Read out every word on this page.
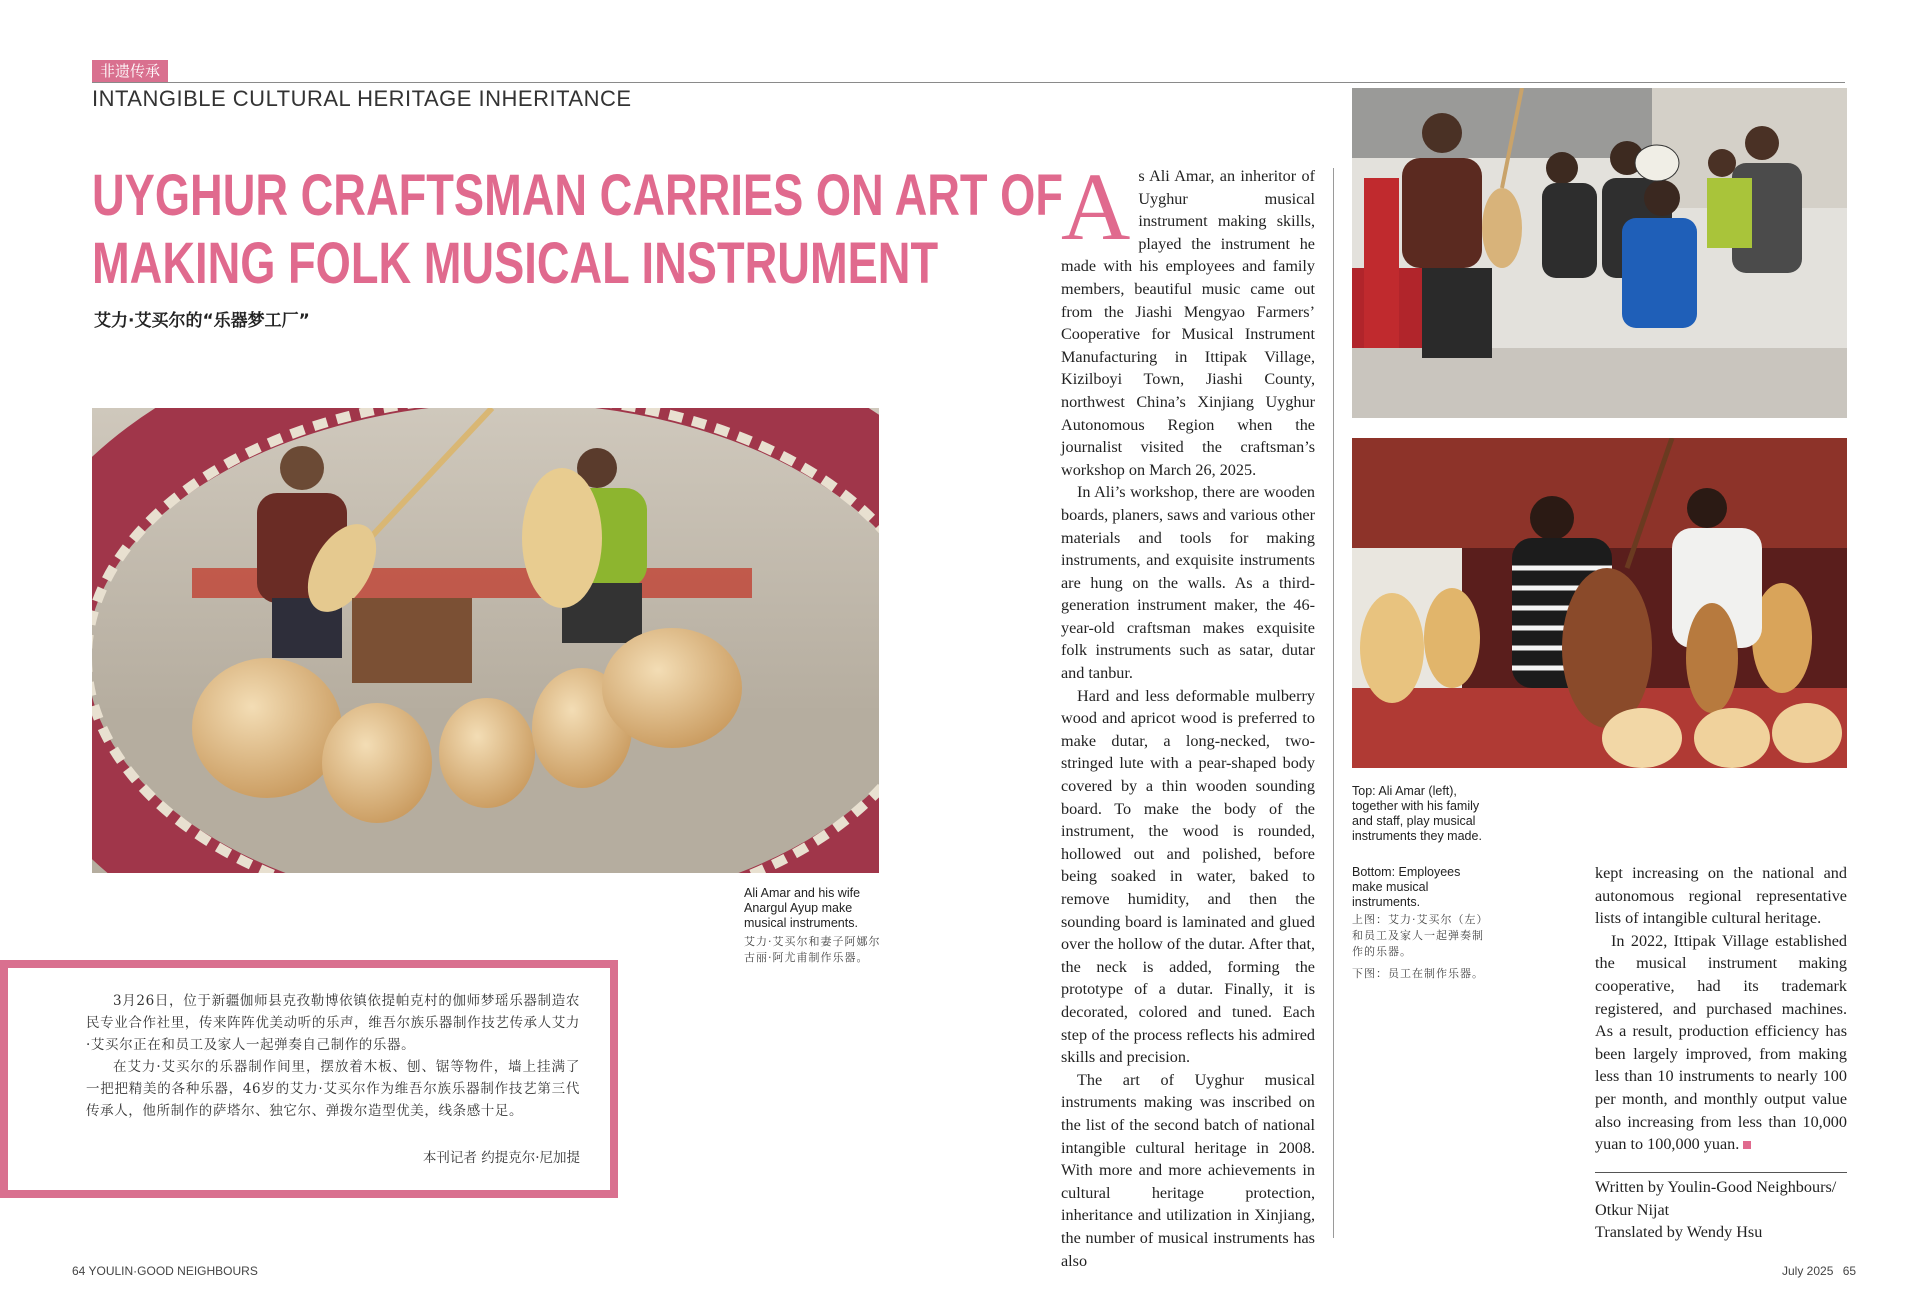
非遗传承
INTANGIBLE CULTURAL HERITAGE INHERITANCE
UYGHUR CRAFTSMAN CARRIES ON ART OF
MAKING FOLK MUSICAL INSTRUMENT
艾力·艾买尔的“乐器梦工厂”
Ali Amar and his wife Anargul Ayup make musical instruments.
艾力·艾买尔和妻子阿娜尔古丽·阿尤甫制作乐器。

3月26日，位于新疆伽师县克孜勒博依镇依提帕克村的伽师梦瑶乐器制造农民专业合作社里，传来阵阵优美动听的乐声，维吾尔族乐器制作技艺传承人艾力·艾买尔正在和员工及家人一起弹奏自己制作的乐器。

在艾力·艾买尔的乐器制作间里，摆放着木板、刨、锯等物件，墙上挂满了一把把精美的各种乐器，46岁的艾力·艾买尔作为维吾尔族乐器制作技艺第三代传承人，他所制作的萨塔尔、独它尔、弹拨尔造型优美，线条感十足。

本刊记者 约提克尔·尼加提
A s Ali Amar, an inheritor of Uyghur musical instrument making skills, played the instrument he made with his employees and family members, beautiful music came out from the Jiashi Mengyao Farmers’ Cooperative for Musical Instrument Manufacturing in Ittipak Village, Kizilboyi Town, Jiashi County, northwest China’s Xinjiang Uyghur Autonomous Region when the journalist visited the craftsman’s workshop on March 26, 2025.

In Ali’s workshop, there are wooden boards, planers, saws and various other materials and tools for making instruments, and exquisite instruments are hung on the walls. As a third-generation instrument maker, the 46-year-old craftsman makes exquisite folk instruments such as satar, dutar and tanbur.

Hard and less deformable mulberry wood and apricot wood is preferred to make dutar, a long-necked, two-stringed lute with a pear-shaped body covered by a thin wooden sounding board. To make the body of the instrument, the wood is rounded, hollowed out and polished, before being soaked in water, baked to remove humidity, and then the sounding board is laminated and glued over the hollow of the dutar. After that, the neck is added, forming the prototype of a dutar. Finally, it is decorated, colored and tuned. Each step of the process reflects his admired skills and precision.

The art of Uyghur musical instruments making was inscribed on the list of the second batch of national intangible cultural heritage in 2008. With more and more achievements in cultural heritage protection, inheritance and utilization in Xinjiang, the number of musical instruments has also

Top: Ali Amar (left), together with his family and staff, play musical instruments they made.
Bottom: Employees make musical instruments.
上图：艾力·艾买尔（左）和员工及家人一起弹奏制作的乐器。
下图：员工在制作乐器。

kept increasing on the national and autonomous regional representative lists of intangible cultural heritage.

In 2022, Ittipak Village established the musical instrument making cooperative, had its trademark registered, and purchased machines. As a result, production efficiency has been largely improved, from making less than 10 instruments to nearly 100 per month, and monthly output value also increasing from less than 10,000 yuan to 100,000 yuan.

Written by Youlin-Good Neighbours/
Otkur Nijat
Translated by Wendy Hsu
64 YOULIN·GOOD NEIGHBOURS	July 2025 65
